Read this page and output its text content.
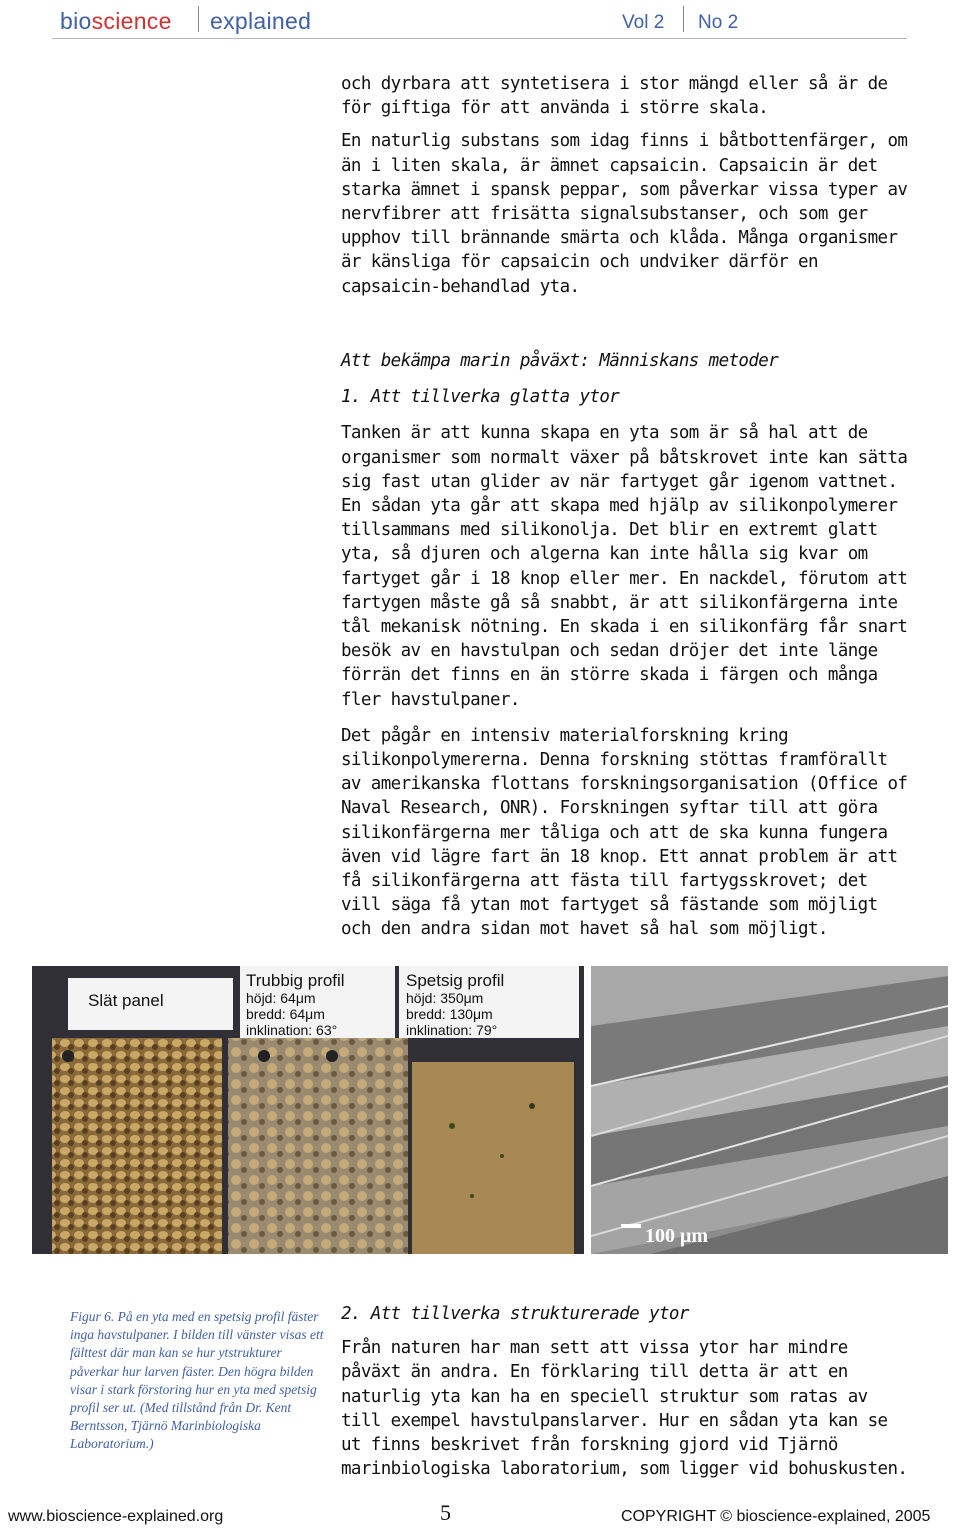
bioscience explained	Vol 2 No 2

och dyrbara att syntetisera i stor mängd eller så är de för giftiga för att använda i större skala.

En naturlig substans som idag finns i båtbottenfärger, om än i liten skala, är ämnet capsaicin. Capsaicin är det starka ämnet i spansk peppar, som påverkar vissa typer av nervfibrer att frisätta signalsubstanser, och som ger upphov till brännande smärta och klåda. Många organismer är känsliga för capsaicin och undviker därför en capsaicin-behandlad yta.

Att bekämpa marin påväxt: Människans metoder

1. Att tillverka glatta ytor

Tanken är att kunna skapa en yta som är så hal att de organismer som normalt växer på båtskrovet inte kan sätta sig fast utan glider av när fartyget går igenom vattnet. En sådan yta går att skapa med hjälp av silikonpolymerer tillsammans med silikonolja. Det blir en extremt glatt yta, så djuren och algerna kan inte hålla sig kvar om fartyget går i 18 knop eller mer. En nackdel, förutom att fartygen måste gå så snabbt, är att silikonfärgerna inte tål mekanisk nötning. En skada i en silikonfärg får snart besök av en havstulpan och sedan dröjer det inte länge förrän det finns en än större skada i färgen och många fler havstulpaner.

Det pågår en intensiv materialforskning kring silikonpolymererna. Denna forskning stöttas framförallt av amerikanska flottans forskningsorganisation (Office of Naval Research, ONR). Forskningen syftar till att göra silikonfärgerna mer tåliga och att de ska kunna fungera även vid lägre fart än 18 knop. Ett annat problem är att få silikonfärgerna att fästa till fartygsskrovet; det vill säga få ytan mot fartyget så fästande som möjligt och den andra sidan mot havet så hal som möjligt.

Slät panel
Trubbig profil
höjd: 64μm
bredd: 64μm
inklination: 63°
Spetsig profil
höjd: 350μm
bredd: 130μm
inklination: 79°
100 μm
Figur 6. På en yta med en spetsig profil fäster inga havstulpaner. I bilden till vänster visas ett fälttest där man kan se hur ytstrukturer påverkar hur larven fäster. Den högra bilden visar i stark förstoring hur en yta med spetsig profil ser ut. (Med tillstånd från Dr. Kent Berntsson, Tjärnö Marinbiologiska Laboratorium.)

2. Att tillverka strukturerade ytor

Från naturen har man sett att vissa ytor har mindre påväxt än andra. En förklaring till detta är att en naturlig yta kan ha en speciell struktur som ratas av till exempel havstulpanslarver. Hur en sådan yta kan se ut finns beskrivet från forskning gjord vid Tjärnö marinbiologiska laboratorium, som ligger vid bohuskusten.

www.bioscience-explained.org	5	COPYRIGHT © bioscience-explained, 2005
